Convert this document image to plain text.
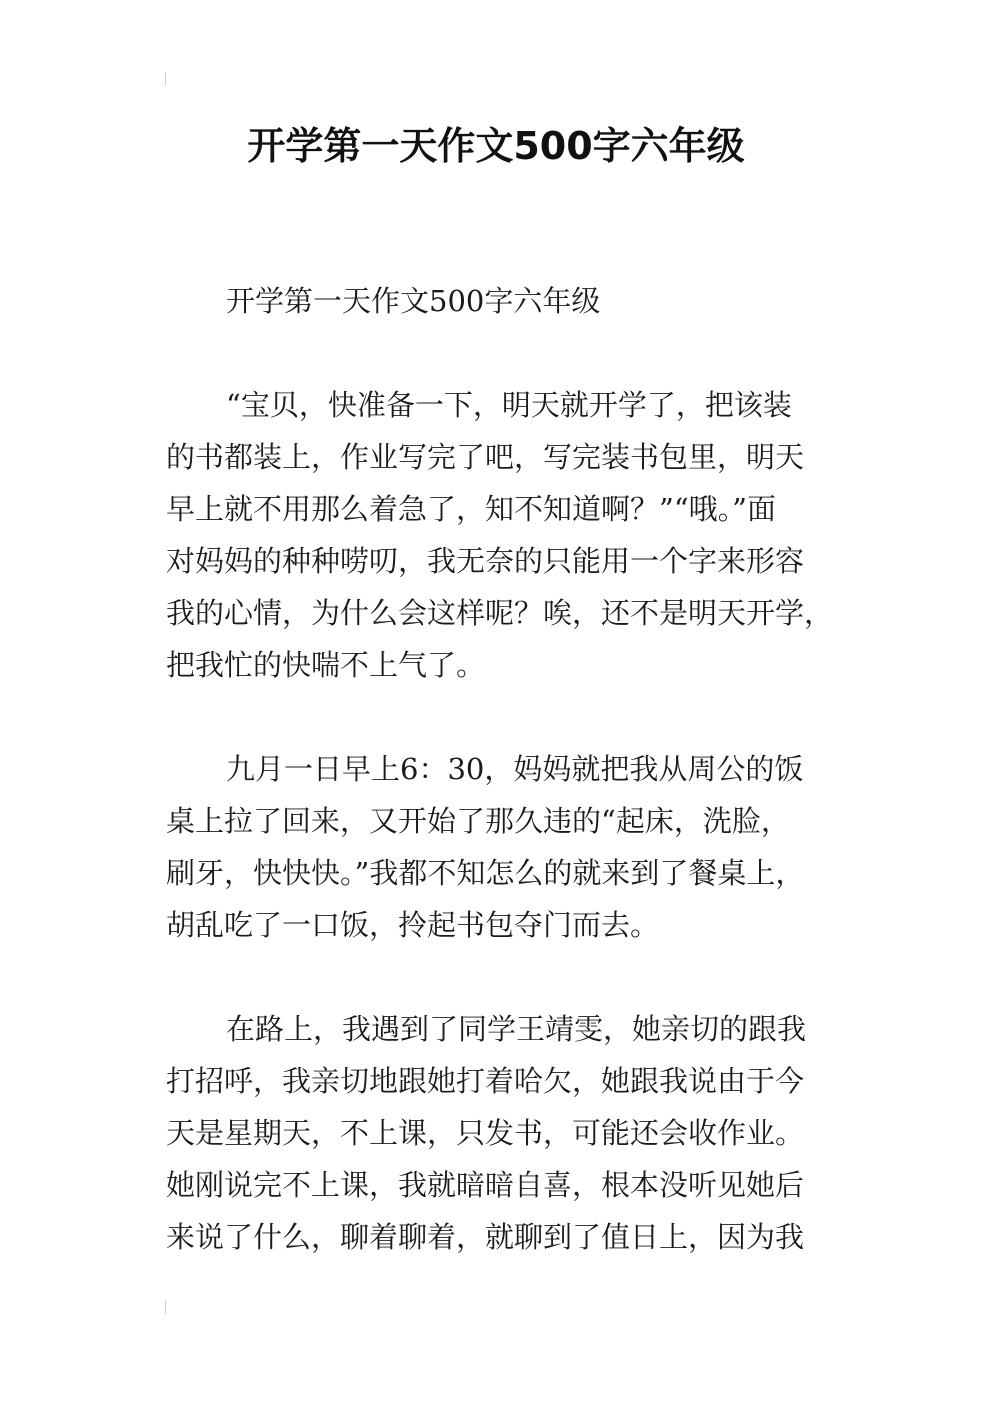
开学第一天作文500字六年级
开学第一天作文500字六年级
“宝贝，快准备一下，明天就开学了，把该装
的书都装上，作业写完了吧，写完装书包里，明天
早上就不用那么着急了，知不知道啊？”“哦。”面
对妈妈的种种唠叨，我无奈的只能用一个字来形容
我的心情，为什么会这样呢？唉，还不是明天开学，
把我忙的快喘不上气了。
九月一日早上6：30，妈妈就把我从周公的饭
桌上拉了回来，又开始了那久违的“起床，洗脸，
刷牙，快快快。”我都不知怎么的就来到了餐桌上，
胡乱吃了一口饭，拎起书包夺门而去。
在路上，我遇到了同学王靖雯，她亲切的跟我
打招呼，我亲切地跟她打着哈欠，她跟我说由于今
天是星期天，不上课，只发书，可能还会收作业。
她刚说完不上课，我就暗暗自喜，根本没听见她后
来说了什么，聊着聊着，就聊到了值日上，因为我
